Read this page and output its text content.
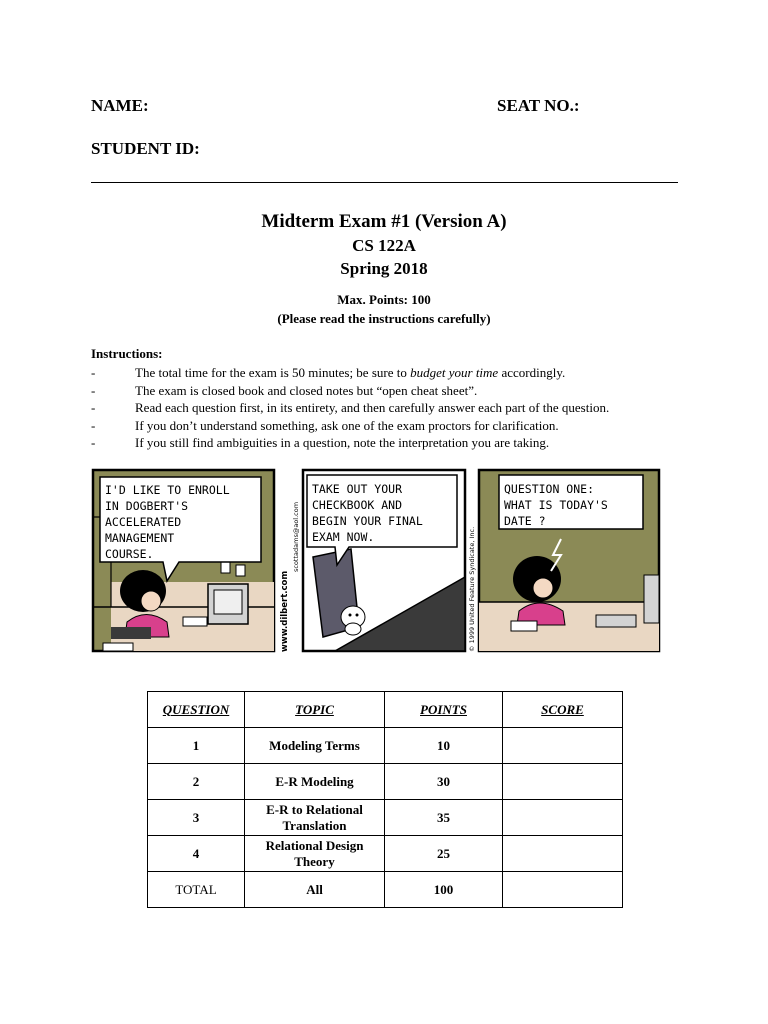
NAME:	SEAT NO.:
STUDENT ID:
Midterm Exam #1 (Version A)
CS 122A
Spring 2018
Max. Points: 100
(Please read the instructions carefully)
Instructions:
-	The total time for the exam is 50 minutes; be sure to budget your time accordingly.
-	The exam is closed book and closed notes but “open cheat sheet”.
-	Read each question first, in its entirety, and then carefully answer each part of the question.
-	If you don’t understand something, ask one of the exam proctors for clarification.
-	If you still find ambiguities in a question, note the interpretation you are taking.
I'D LIKE TO ENROLL
IN DOGBERT'S
ACCELERATED
MANAGEMENT
COURSE.
www.dilbert.com
scottadams@aol.com
TAKE OUT YOUR
CHECKBOOK AND
BEGIN YOUR FINAL
EXAM NOW.	© 1999 United Feature Syndicate, Inc.
QUESTION ONE:
WHAT IS TODAY'S
DATE ?
QUESTION	TOPIC	POINTS	SCORE
1	Modeling Terms	10	
2	E-R Modeling	30	
3	E-R to Relational Translation	35	
4	Relational Design Theory	25	
TOTAL	All	100	
